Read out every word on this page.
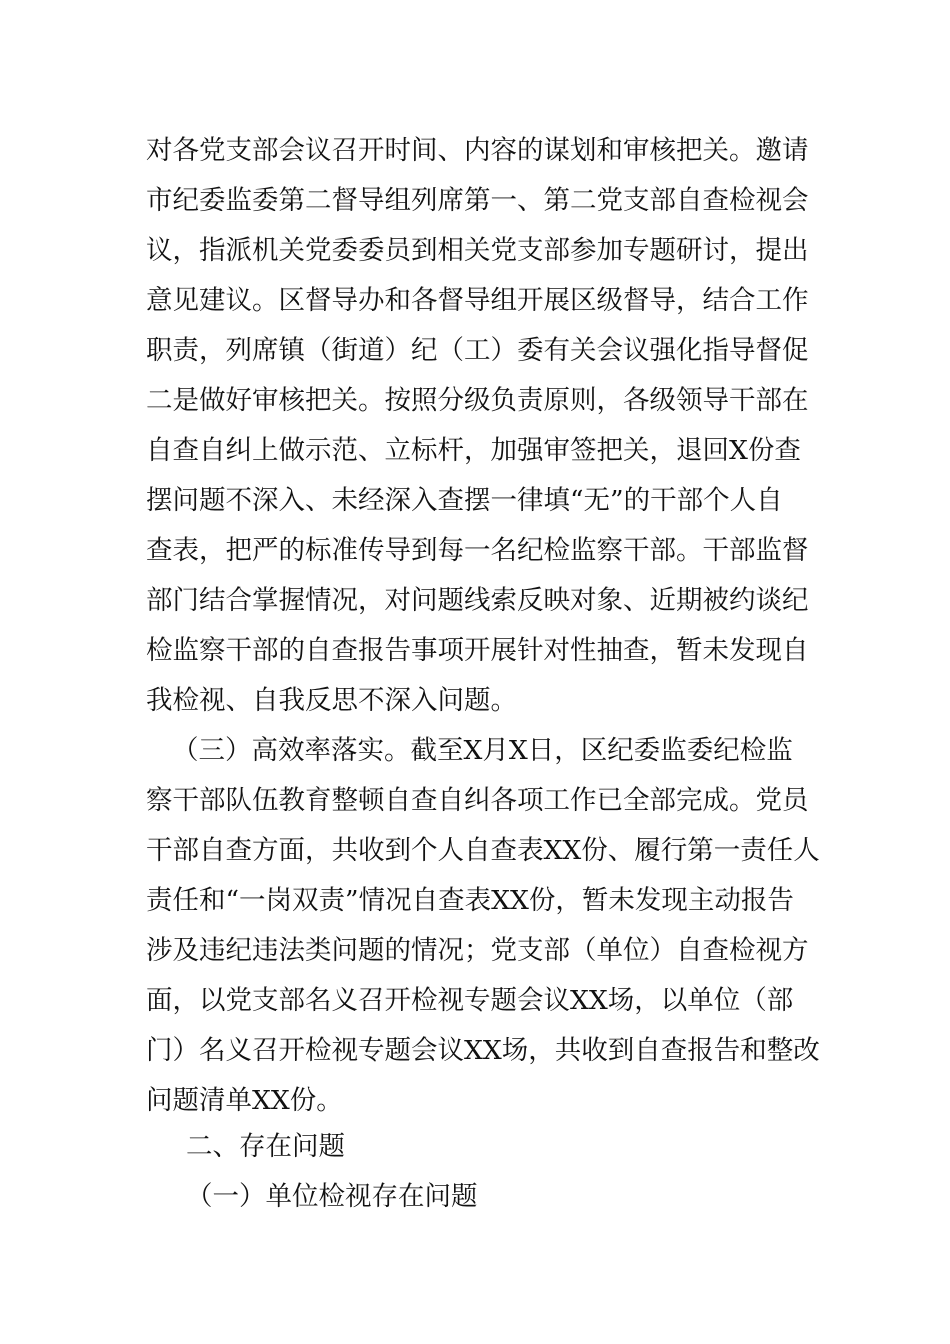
对各党支部会议召开时间、内容的谋划和审核把关。邀请
市纪委监委第二督导组列席第一、第二党支部自查检视会
议，指派机关党委委员到相关党支部参加专题研讨，提出
意见建议。区督导办和各督导组开展区级督导，结合工作
职责，列席镇（街道）纪（工）委有关会议强化指导督促
二是做好审核把关。按照分级负责原则，各级领导干部在
自查自纠上做示范、立标杆，加强审签把关，退回X份查
摆问题不深入、未经深入查摆一律填“无”的干部个人自
查表，把严的标准传导到每一名纪检监察干部。干部监督
部门结合掌握情况，对问题线索反映对象、近期被约谈纪
检监察干部的自查报告事项开展针对性抽查，暂未发现自
我检视、自我反思不深入问题。
（三）高效率落实。截至X月X日，区纪委监委纪检监
察干部队伍教育整顿自查自纠各项工作已全部完成。党员
干部自查方面，共收到个人自查表XX份、履行第一责任人
责任和“一岗双责”情况自查表XX份，暂未发现主动报告
涉及违纪违法类问题的情况；党支部（单位）自查检视方
面，以党支部名义召开检视专题会议XX场，以单位（部
门）名义召开检视专题会议XX场，共收到自查报告和整改
问题清单XX份。
二、存在问题
（一）单位检视存在问题
